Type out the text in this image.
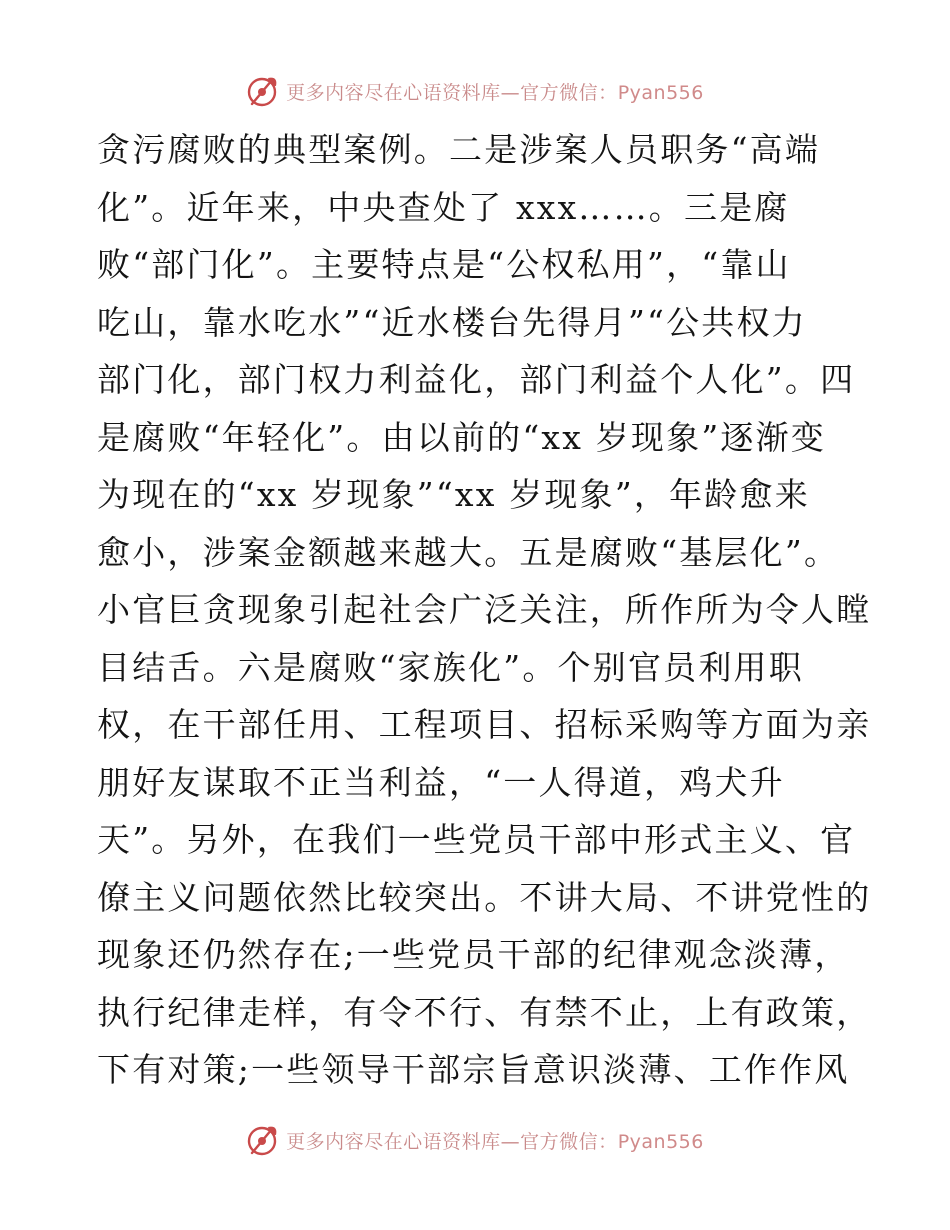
更多内容尽在心语资料库—官方微信：Pyan556
贪污腐败的典型案例。二是涉案人员职务“高端
化”。近年来，中央查处了 xxx……。三是腐
败“部门化”。主要特点是“公权私用”，“靠山
吃山，靠水吃水”“近水楼台先得月”“公共权力
部门化，部门权力利益化，部门利益个人化”。四
是腐败“年轻化”。由以前的“xx 岁现象”逐渐变
为现在的“xx 岁现象”“xx 岁现象”，年龄愈来
愈小，涉案金额越来越大。五是腐败“基层化”。
小官巨贪现象引起社会广泛关注，所作所为令人瞠
目结舌。六是腐败“家族化”。个别官员利用职
权，在干部任用、工程项目、招标采购等方面为亲
朋好友谋取不正当利益，“一人得道，鸡犬升
天”。另外，在我们一些党员干部中形式主义、官
僚主义问题依然比较突出。不讲大局、不讲党性的
现象还仍然存在;一些党员干部的纪律观念淡薄，
执行纪律走样，有令不行、有禁不止，上有政策，
下有对策;一些领导干部宗旨意识淡薄、工作作风
更多内容尽在心语资料库—官方微信：Pyan556
